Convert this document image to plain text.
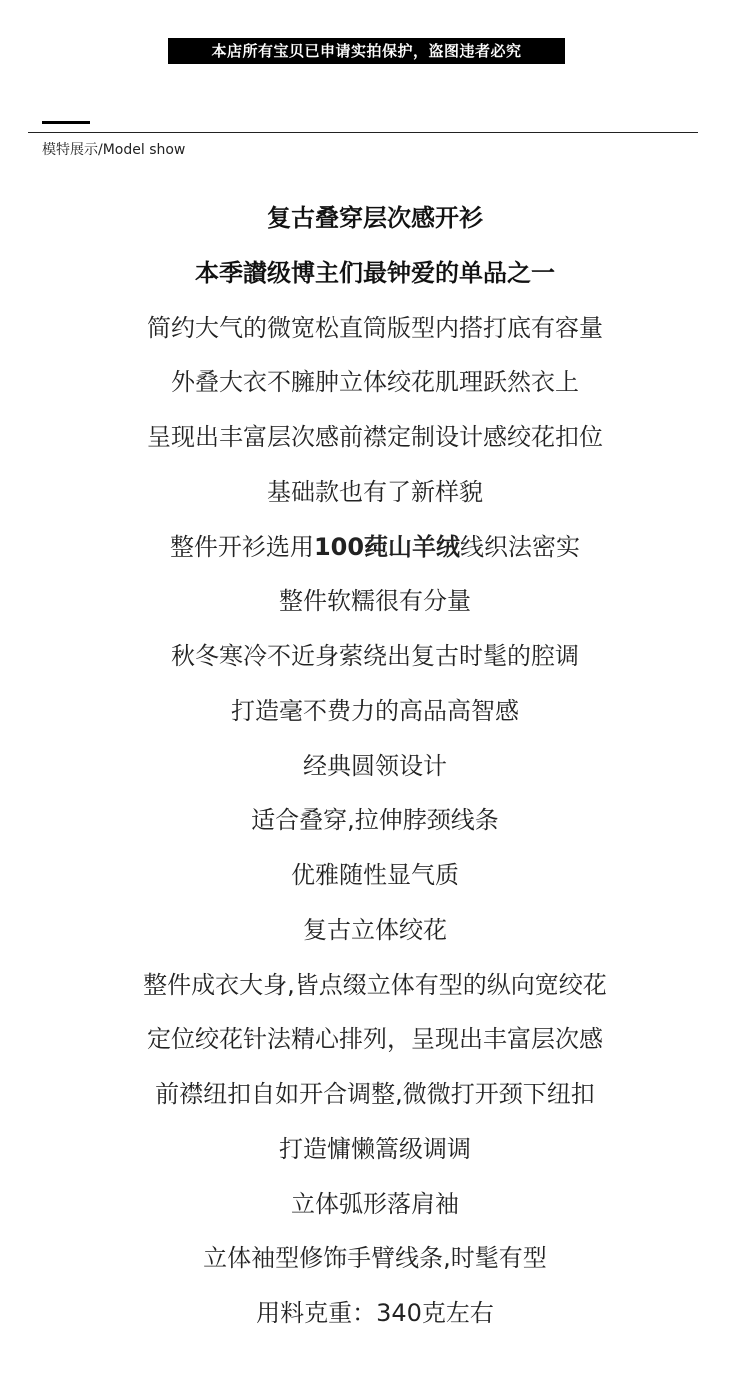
本店所有宝贝已申请实拍保护，盗图违者必究
模特展示/Model show
复古叠穿层次感开衫
本季讃级博主们最钟爱的单品之一
简约大气的微宽松直筒版型内搭打底有容量
外叠大衣不臃肿立体绞花肌理跃然衣上
呈现出丰富层次感前襟定制设计感绞花扣位
基础款也有了新样貌
整件开衫选用100莼山羊绒线织法密实
整件软糯很有分量
秋冬寒冷不近身萦绕出复古时髦的腔调
打造毫不费力的高品高智感
经典圆领设计
适合叠穿,拉伸脖颈线条
优雅随性显气质
复古立体绞花
整件成衣大身,皆点缀立体有型的纵向宽绞花
定位绞花针法精心排列，呈现出丰富层次感
前襟纽扣自如开合调整,微微打开颈下纽扣
打造慵懒篙级调调
立体弧形落肩袖
立体袖型修饰手臂线条,时髦有型
用料克重：340克左右
